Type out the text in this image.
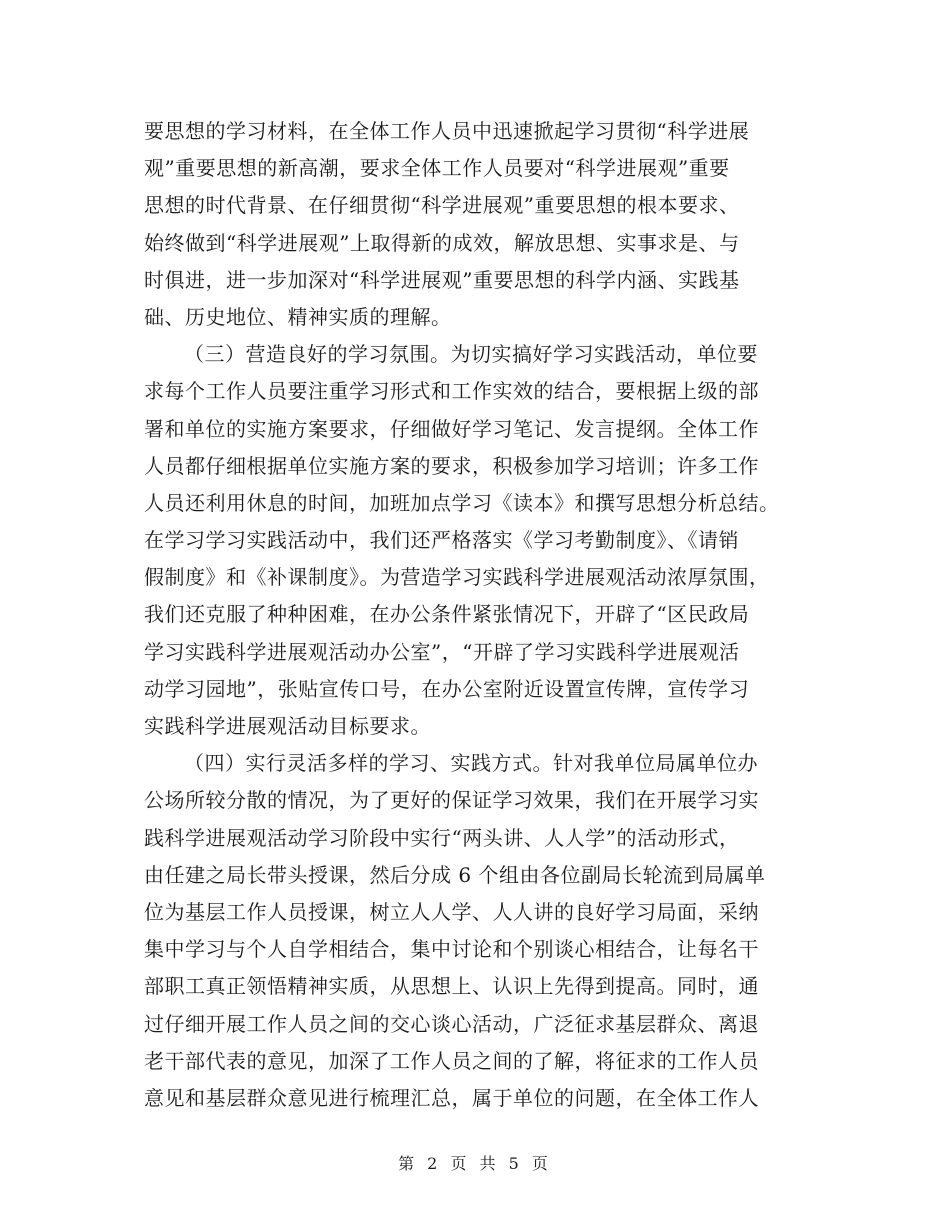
要思想的学习材料，在全体工作人员中迅速掀起学习贯彻“科学进展
观”重要思想的新高潮，要求全体工作人员要对“科学进展观”重要
思想的时代背景、在仔细贯彻“科学进展观”重要思想的根本要求、
始终做到“科学进展观”上取得新的成效，解放思想、实事求是、与
时俱进，进一步加深对“科学进展观”重要思想的科学内涵、实践基
础、历史地位、精神实质的理解。
（三）营造良好的学习氛围。为切实搞好学习实践活动，单位要
求每个工作人员要注重学习形式和工作实效的结合，要根据上级的部
署和单位的实施方案要求，仔细做好学习笔记、发言提纲。全体工作
人员都仔细根据单位实施方案的要求，积极参加学习培训；许多工作
人员还利用休息的时间，加班加点学习《读本》和撰写思想分析总结。
在学习学习实践活动中，我们还严格落实《学习考勤制度》、《请销
假制度》和《补课制度》。为营造学习实践科学进展观活动浓厚氛围，
我们还克服了种种困难，在办公条件紧张情况下，开辟了“区民政局
学习实践科学进展观活动办公室”，“开辟了学习实践科学进展观活
动学习园地”，张贴宣传口号，在办公室附近设置宣传牌，宣传学习
实践科学进展观活动目标要求。
（四）实行灵活多样的学习、实践方式。针对我单位局属单位办
公场所较分散的情况，为了更好的保证学习效果，我们在开展学习实
践科学进展观活动学习阶段中实行“两头讲、人人学”的活动形式，
由任建之局长带头授课，然后分成 6 个组由各位副局长轮流到局属单
位为基层工作人员授课，树立人人学、人人讲的良好学习局面，采纳
集中学习与个人自学相结合，集中讨论和个别谈心相结合，让每名干
部职工真正领悟精神实质，从思想上、认识上先得到提高。同时，通
过仔细开展工作人员之间的交心谈心活动，广泛征求基层群众、离退
老干部代表的意见，加深了工作人员之间的了解，将征求的工作人员
意见和基层群众意见进行梳理汇总，属于单位的问题，在全体工作人
第 2 页 共 5 页
